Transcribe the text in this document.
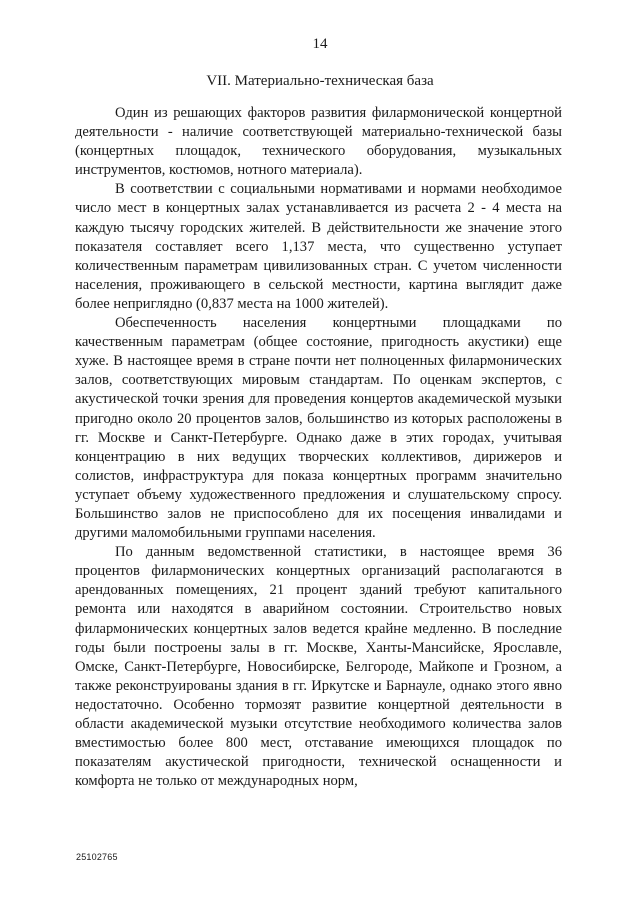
14
VII. Материально-техническая база

Один из решающих факторов развития филармонической концертной деятельности - наличие соответствующей материально-технической базы (концертных площадок, технического оборудования, музыкальных инструментов, костюмов, нотного материала).

В соответствии с социальными нормативами и нормами необходимое число мест в концертных залах устанавливается из расчета 2 - 4 места на каждую тысячу городских жителей. В действительности же значение этого показателя составляет всего 1,137 места, что существенно уступает количественным параметрам цивилизованных стран. С учетом численности населения, проживающего в сельской местности, картина выглядит даже более неприглядно (0,837 места на 1000 жителей).

Обеспеченность населения концертными площадками по качественным параметрам (общее состояние, пригодность акустики) еще хуже. В настоящее время в стране почти нет полноценных филармонических залов, соответствующих мировым стандартам. По оценкам экспертов, с акустической точки зрения для проведения концертов академической музыки пригодно около 20 процентов залов, большинство из которых расположены в гг. Москве и Санкт-Петербурге. Однако даже в этих городах, учитывая концентрацию в них ведущих творческих коллективов, дирижеров и солистов, инфраструктура для показа концертных программ значительно уступает объему художественного предложения и слушательскому спросу. Большинство залов не приспособлено для их посещения инвалидами и другими маломобильными группами населения.

По данным ведомственной статистики, в настоящее время 36 процентов филармонических концертных организаций располагаются в арендованных помещениях, 21 процент зданий требуют капитального ремонта или находятся в аварийном состоянии. Строительство новых филармонических концертных залов ведется крайне медленно. В последние годы были построены залы в гг. Москве, Ханты-Мансийске, Ярославле, Омске, Санкт-Петербурге, Новосибирске, Белгороде, Майкопе и Грозном, а также реконструированы здания в гг. Иркутске и Барнауле, однако этого явно недостаточно. Особенно тормозят развитие концертной деятельности в области академической музыки отсутствие необходимого количества залов вместимостью более 800 мест, отставание имеющихся площадок по показателям акустической пригодности, технической оснащенности и комфорта не только от международных норм,

25102765
